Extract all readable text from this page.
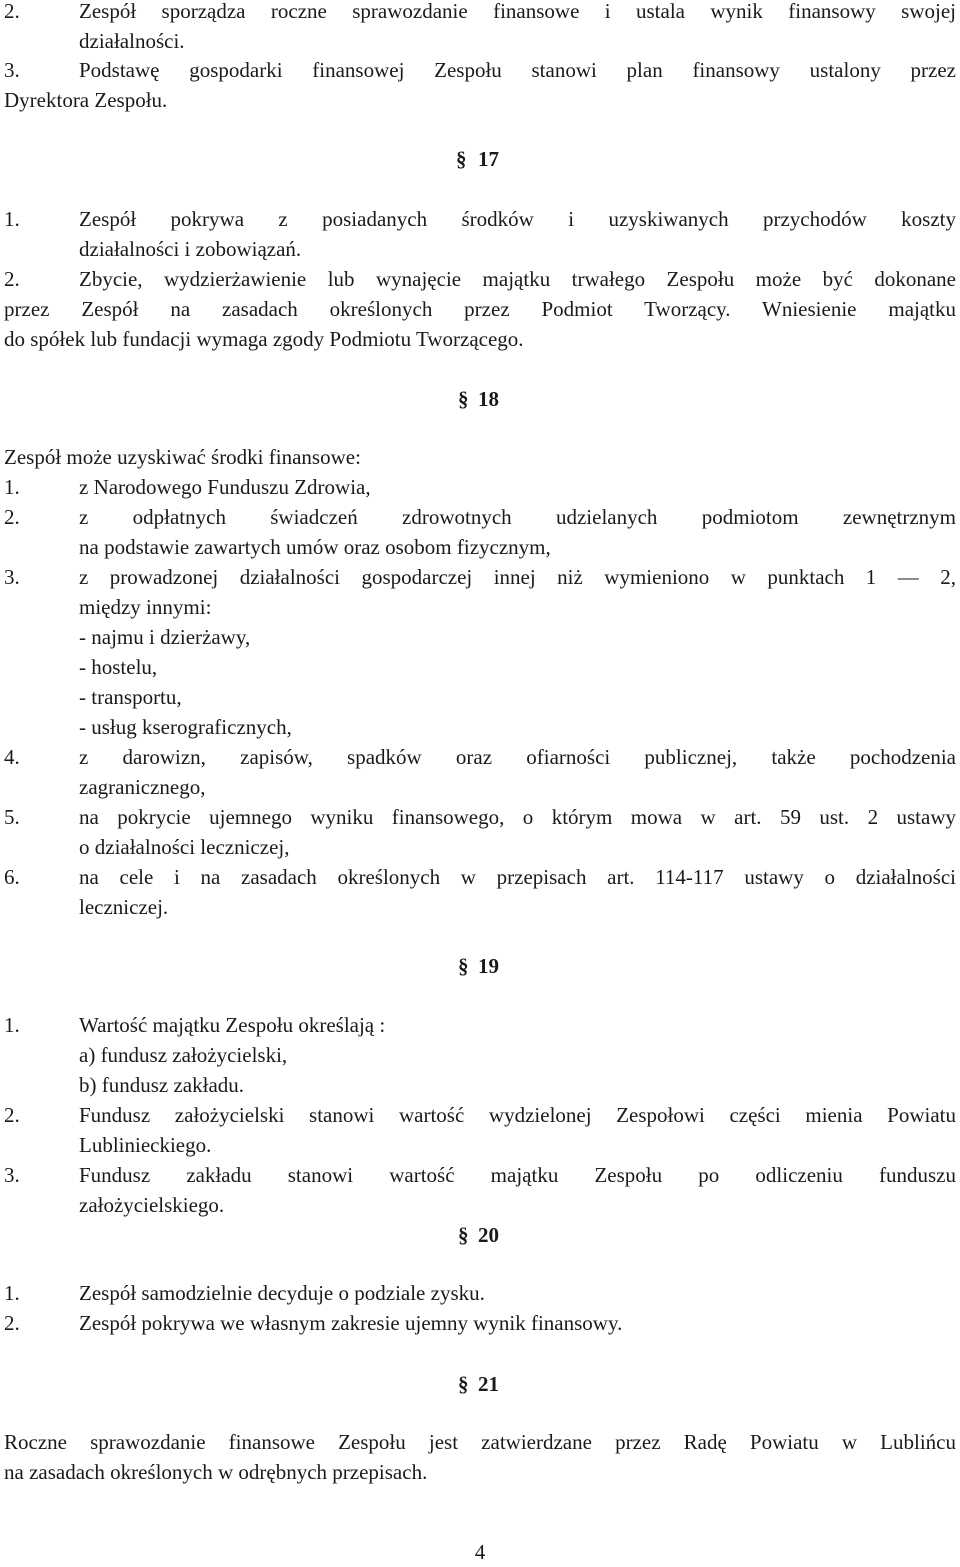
2.	Zespół sporządza roczne sprawozdanie finansowe i ustala wynik finansowy swojej
działalności.
3.	Podstawę gospodarki finansowej Zespołu stanowi plan finansowy ustalony przez
Dyrektora Zespołu.
§ 17
1.	Zespół pokrywa z posiadanych środków i uzyskiwanych przychodów koszty
działalności i zobowiązań.
2.	Zbycie, wydzierżawienie lub wynajęcie majątku trwałego Zespołu może być dokonane
przez Zespół na zasadach określonych przez Podmiot Tworzący. Wniesienie majątku
do spółek lub fundacji wymaga zgody Podmiotu Tworzącego.
§ 18
Zespół może uzyskiwać środki finansowe:
1.	z Narodowego Funduszu Zdrowia,
2.	z odpłatnych świadczeń zdrowotnych udzielanych podmiotom zewnętrznym
na podstawie zawartych umów oraz osobom fizycznym,
3.	z prowadzonej działalności gospodarczej innej niż wymieniono w punktach 1 — 2,
między innymi:
- najmu i dzierżawy,
- hostelu,
- transportu,
- usług kserograficznych,
4.	z darowizn, zapisów, spadków oraz ofiarności publicznej, także pochodzenia
zagranicznego,
5.	na pokrycie ujemnego wyniku finansowego, o którym mowa w art. 59 ust. 2 ustawy
o działalności leczniczej,
6.	na cele i na zasadach określonych w przepisach art. 114-117 ustawy o działalności
leczniczej.
§ 19
1.	Wartość majątku Zespołu określają :
a) fundusz założycielski,
b) fundusz zakładu.
2.	Fundusz założycielski stanowi wartość wydzielonej Zespołowi części mienia Powiatu
Lublinieckiego.
3.	Fundusz zakładu stanowi wartość majątku Zespołu po odliczeniu funduszu
założycielskiego.
§ 20
1.	Zespół samodzielnie decyduje o podziale zysku.
2.	Zespół pokrywa we własnym zakresie ujemny wynik finansowy.
§ 21
Roczne sprawozdanie finansowe Zespołu jest zatwierdzane przez Radę Powiatu w Lublińcu
na zasadach określonych w odrębnych przepisach.
4
